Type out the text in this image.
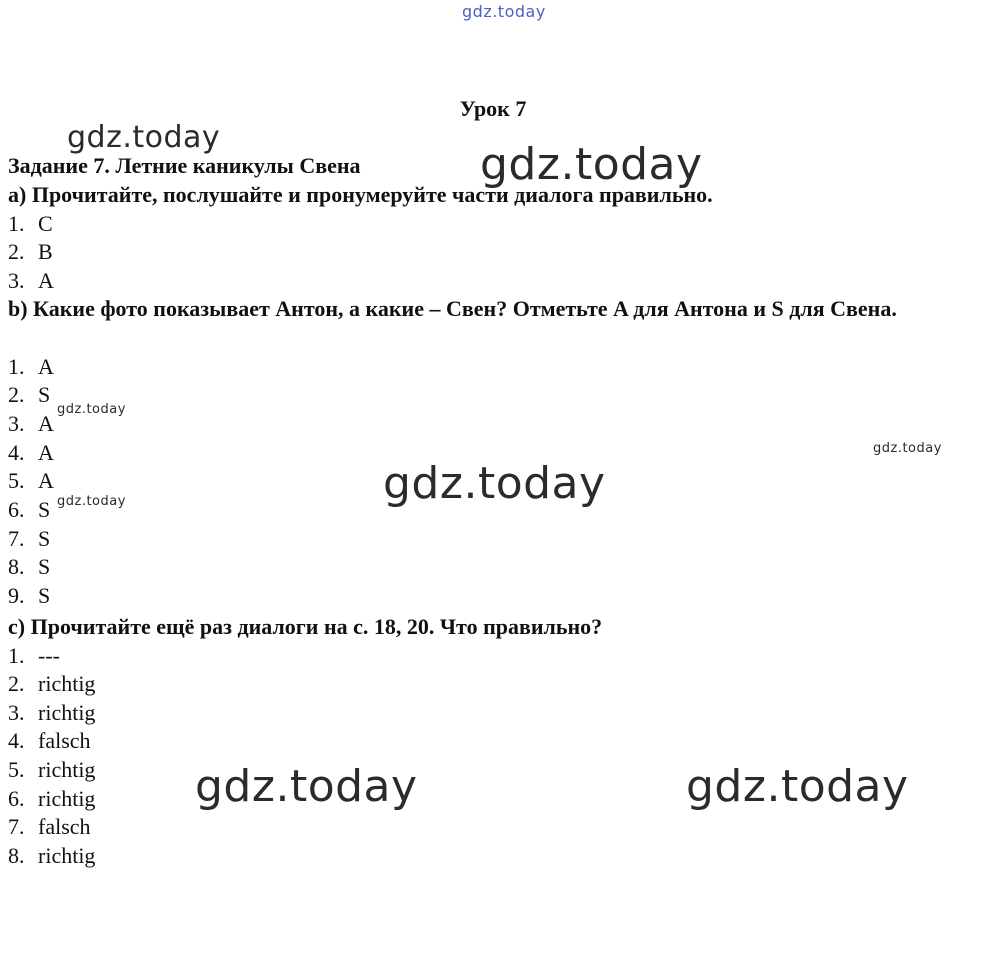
gdz.today
gdz.today
gdz.today
gdz.today
gdz.today
gdz.today
gdz.today
gdz.today	gdz.today
Урок 7
Задание 7. Летние каникулы Свена
a) Прочитайте, послушайте и пронумеруйте части диалога правильно.
1. C
2. B
3. A
b) Какие фото показывает Антон, а какие – Свен? Отметьте A для Антона и S для Свена.
1. A
2. S
3. A
4. A
5. A
6. S
7. S
8. S
9. S
c) Прочитайте ещё раз диалоги на с. 18, 20. Что правильно?
1. ---
2. richtig
3. richtig
4. falsch
5. richtig
6. richtig
7. falsch
8. richtig
